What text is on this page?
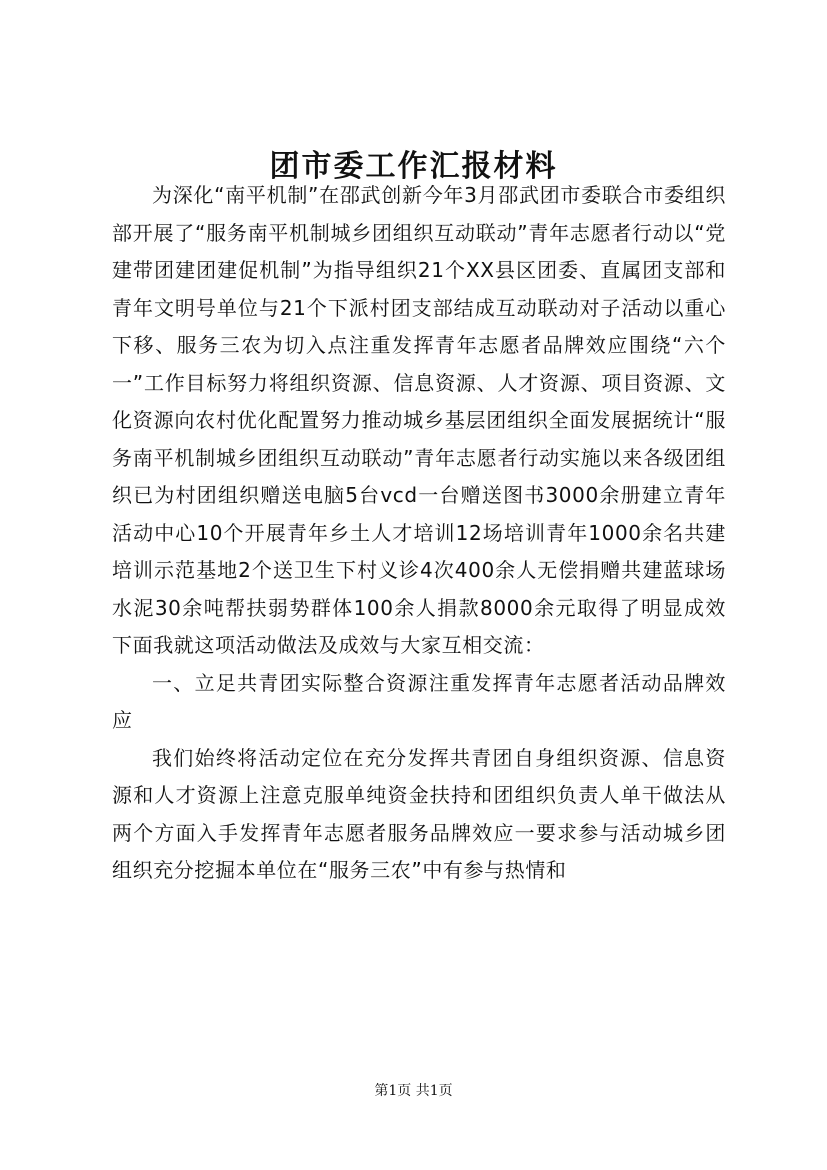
团市委工作汇报材料

为深化“南平机制”在邵武创新今年3月邵武团市委联合市委组织部开展了“服务南平机制城乡团组织互动联动”青年志愿者行动以“党建带团建团建促机制”为指导组织21个XX县区团委、直属团支部和青年文明号单位与21个下派村团支部结成互动联动对子活动以重心下移、服务三农为切入点注重发挥青年志愿者品牌效应围绕“六个一”工作目标努力将组织资源、信息资源、人才资源、项目资源、文化资源向农村优化配置努力推动城乡基层团组织全面发展据统计“服务南平机制城乡团组织互动联动”青年志愿者行动实施以来各级团组织已为村团组织赠送电脑5台vcd一台赠送图书3000余册建立青年活动中心10个开展青年乡土人才培训12场培训青年1000余名共建培训示范基地2个送卫生下村义诊4次400余人无偿捐赠共建蓝球场水泥30余吨帮扶弱势群体100余人捐款8000余元取得了明显成效下面我就这项活动做法及成效与大家互相交流：

一、立足共青团实际整合资源注重发挥青年志愿者活动品牌效应

我们始终将活动定位在充分发挥共青团自身组织资源、信息资源和人才资源上注意克服单纯资金扶持和团组织负责人单干做法从两个方面入手发挥青年志愿者服务品牌效应一要求参与活动城乡团组织充分挖掘本单位在“服务三农”中有参与热情和

第1页 共1页
